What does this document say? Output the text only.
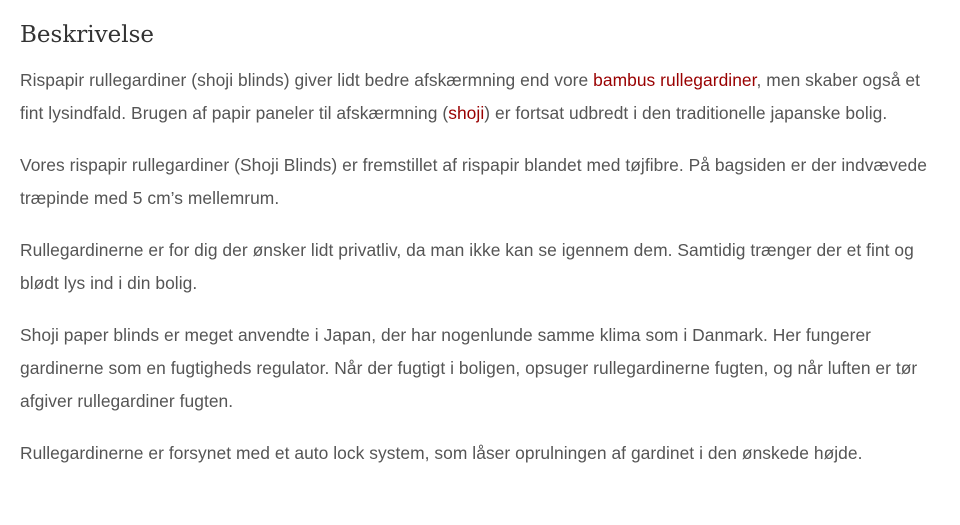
Beskrivelse

Rispapir rullegardiner (shoji blinds) giver lidt bedre afskærmning end vore bambus rullegardiner, men skaber også et fint lysindfald. Brugen af papir paneler til afskærmning (shoji) er fortsat udbredt i den traditionelle japanske bolig.

Vores rispapir rullegardiner (Shoji Blinds) er fremstillet af rispapir blandet med tøjfibre. På bagsiden er der indvævede træpinde med 5 cm’s mellemrum.

Rullegardinerne er for dig der ønsker lidt privatliv, da man ikke kan se igennem dem. Samtidig trænger der et fint og blødt lys ind i din bolig.

Shoji paper blinds er meget anvendte i Japan, der har nogenlunde samme klima som i Danmark. Her fungerer gardinerne som en fugtigheds regulator. Når der fugtigt i boligen, opsuger rullegardinerne fugten, og når luften er tør afgiver rullegardiner fugten.

Rullegardinerne er forsynet med et auto lock system, som låser oprulningen af gardinet i den ønskede højde.
